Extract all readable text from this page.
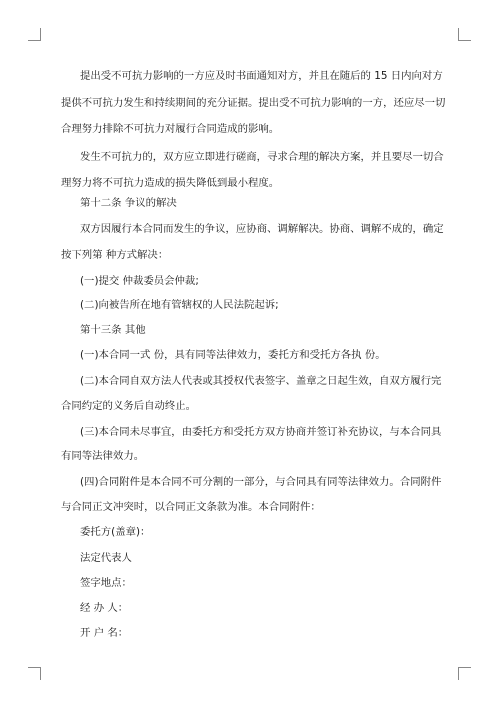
提出受不可抗力影响的一方应及时书面通知对方，并且在随后的 15 日内向对方
提供不可抗力发生和持续期间的充分证据。提出受不可抗力影响的一方，还应尽一切
合理努力排除不可抗力对履行合同造成的影响。
发生不可抗力的，双方应立即进行磋商，寻求合理的解决方案，并且要尽一切合
理努力将不可抗力造成的损失降低到最小程度。
第十二条 争议的解决
双方因履行本合同而发生的争议，应协商、调解解决。协商、调解不成的，确定
按下列第 种方式解决：
(一)提交 仲裁委员会仲裁;
(二)向被告所在地有管辖权的人民法院起诉;
第十三条 其他
(一)本合同一式 份，具有同等法律效力，委托方和受托方各执 份。
(二)本合同自双方法人代表或其授权代表签字、盖章之日起生效，自双方履行完
合同约定的义务后自动终止。
(三)本合同未尽事宜，由委托方和受托方双方协商并签订补充协议，与本合同具
有同等法律效力。
(四)合同附件是本合同不可分割的一部分，与合同具有同等法律效力。合同附件
与合同正文冲突时，以合同正文条款为准。本合同附件：
委托方(盖章)：
法定代表人
签字地点：
经 办 人：
开 户 名：
